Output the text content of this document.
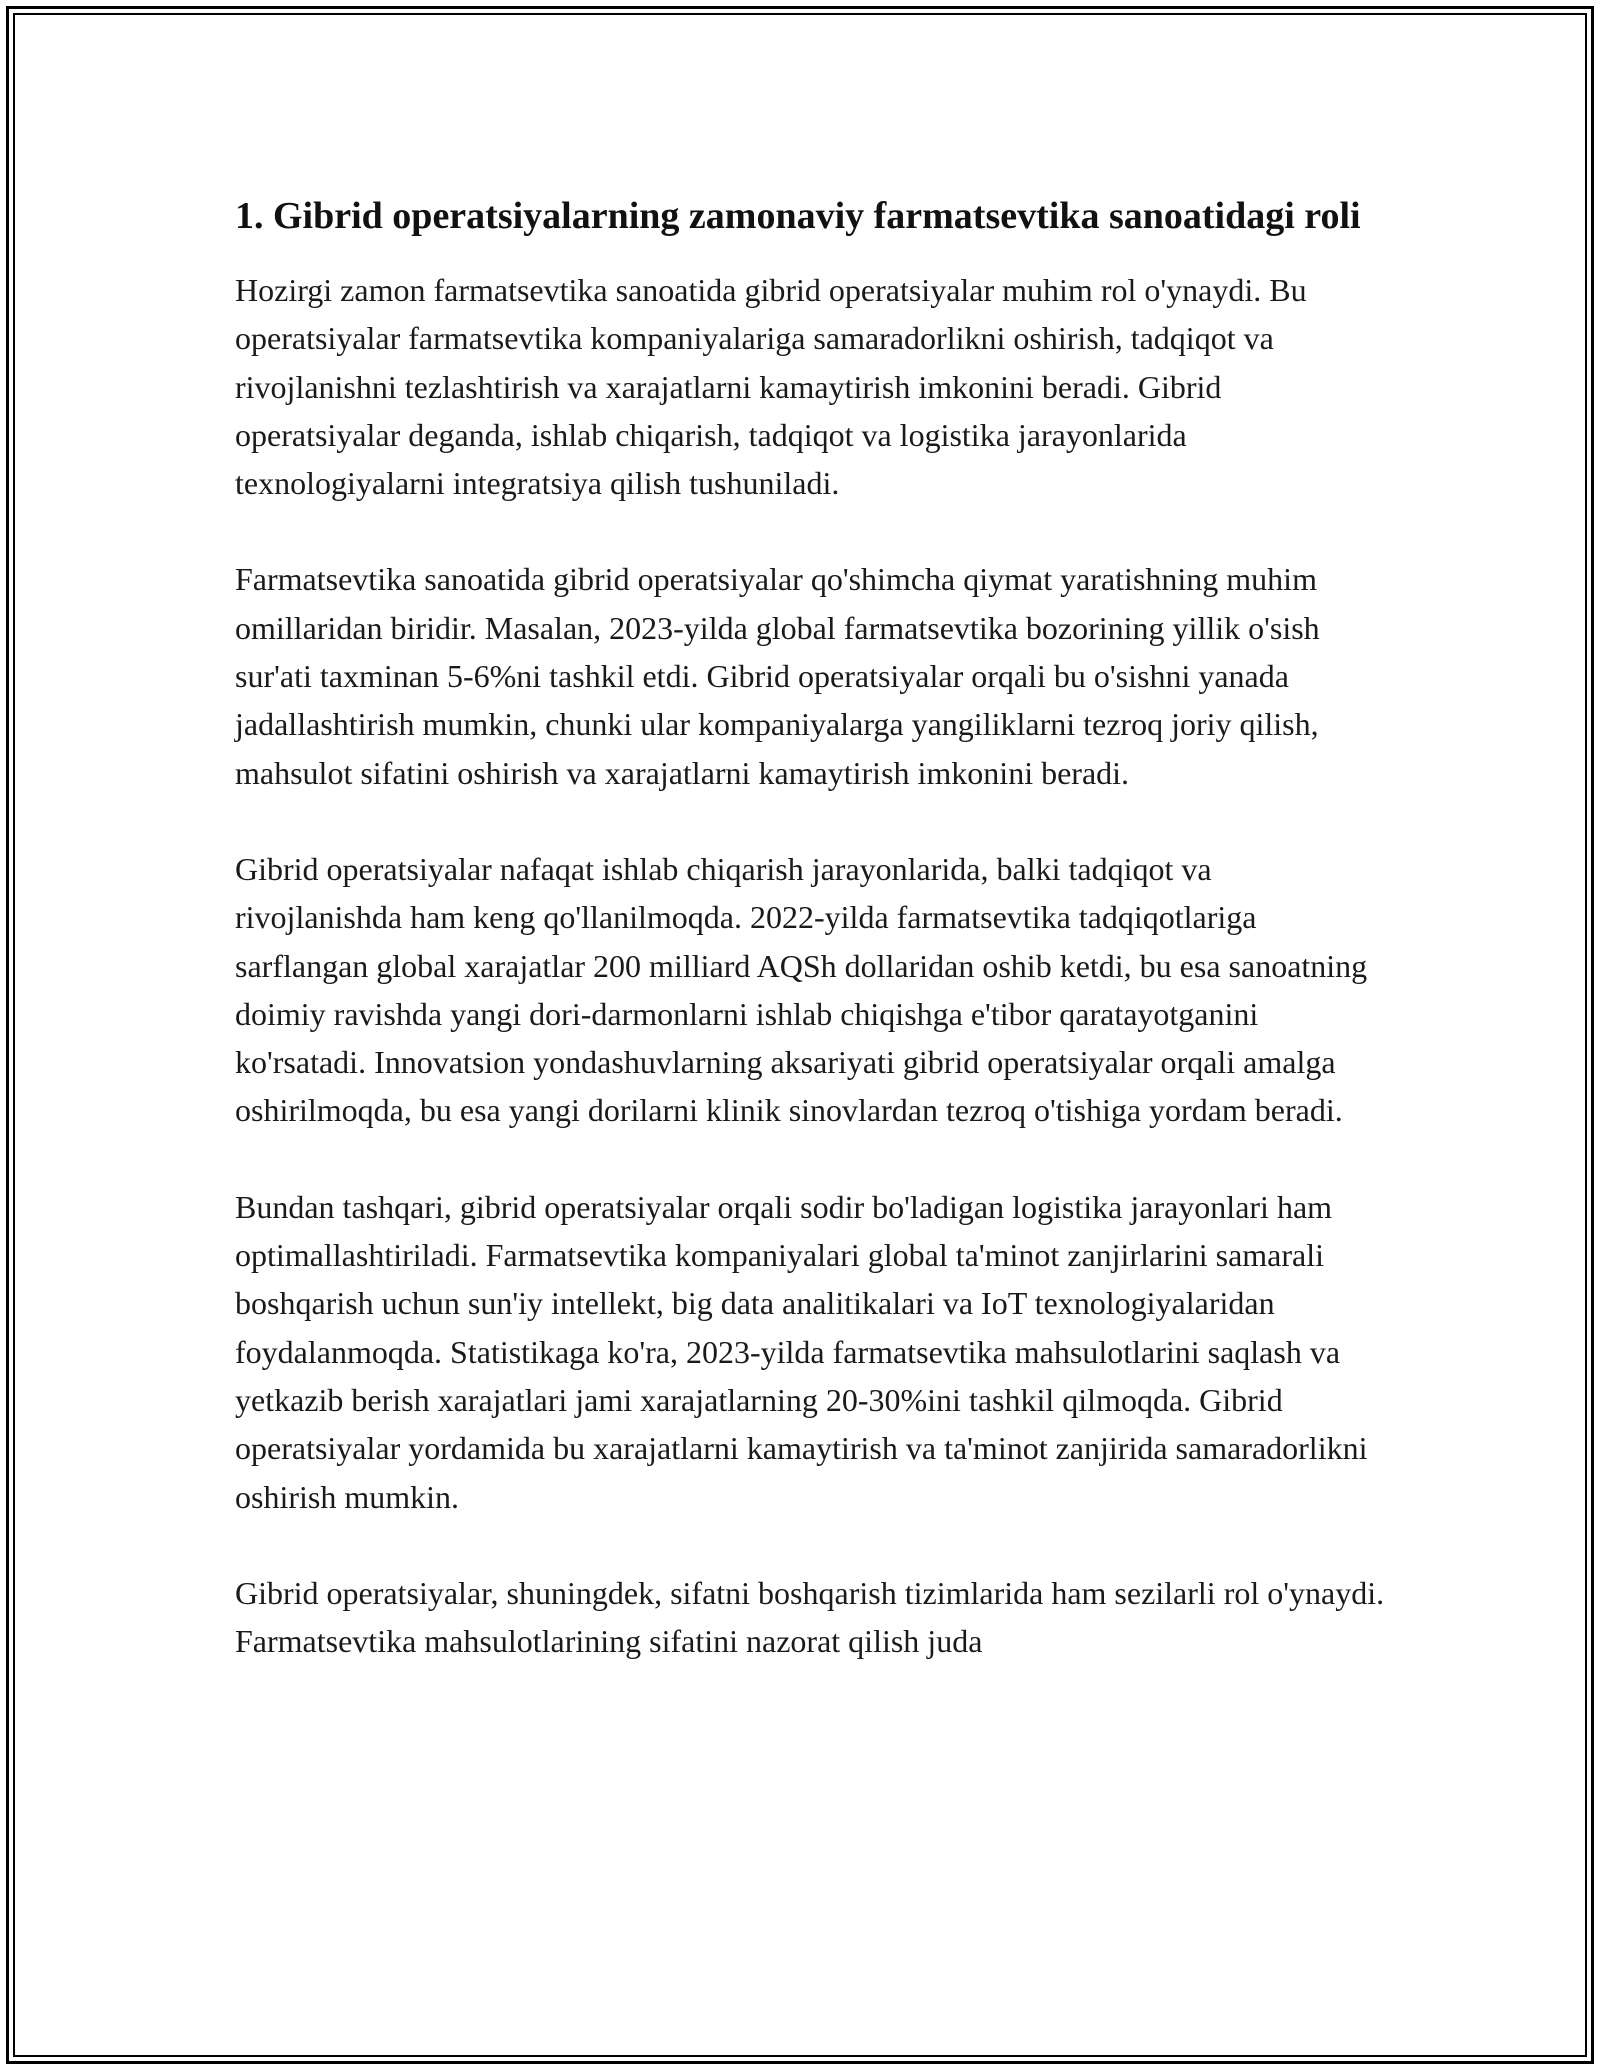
1. Gibrid operatsiyalarning zamonaviy farmatsevtika sanoatidagi roli

Hozirgi zamon farmatsevtika sanoatida gibrid operatsiyalar muhim rol o'ynaydi. Bu operatsiyalar farmatsevtika kompaniyalariga samaradorlikni oshirish, tadqiqot va rivojlanishni tezlashtirish va xarajatlarni kamaytirish imkonini beradi. Gibrid operatsiyalar deganda, ishlab chiqarish, tadqiqot va logistika jarayonlarida texnologiyalarni integratsiya qilish tushuniladi.

Farmatsevtika sanoatida gibrid operatsiyalar qo'shimcha qiymat yaratishning muhim omillaridan biridir. Masalan, 2023-yilda global farmatsevtika bozorining yillik o'sish sur'ati taxminan 5-6%ni tashkil etdi. Gibrid operatsiyalar orqali bu o'sishni yanada jadallashtirish mumkin, chunki ular kompaniyalarga yangiliklarni tezroq joriy qilish, mahsulot sifatini oshirish va xarajatlarni kamaytirish imkonini beradi.

Gibrid operatsiyalar nafaqat ishlab chiqarish jarayonlarida, balki tadqiqot va rivojlanishda ham keng qo'llanilmoqda. 2022-yilda farmatsevtika tadqiqotlariga sarflangan global xarajatlar 200 milliard AQSh dollaridan oshib ketdi, bu esa sanoatning doimiy ravishda yangi dori-darmonlarni ishlab chiqishga e'tibor qaratayotganini ko'rsatadi. Innovatsion yondashuvlarning aksariyati gibrid operatsiyalar orqali amalga oshirilmoqda, bu esa yangi dorilarni klinik sinovlardan tezroq o'tishiga yordam beradi.

Bundan tashqari, gibrid operatsiyalar orqali sodir bo'ladigan logistika jarayonlari ham optimallashtiriladi. Farmatsevtika kompaniyalari global ta'minot zanjirlarini samarali boshqarish uchun sun'iy intellekt, big data analitikalari va IoT texnologiyalaridan foydalanmoqda. Statistikaga ko'ra, 2023-yilda farmatsevtika mahsulotlarini saqlash va yetkazib berish xarajatlari jami xarajatlarning 20-30%ini tashkil qilmoqda. Gibrid operatsiyalar yordamida bu xarajatlarni kamaytirish va ta'minot zanjirida samaradorlikni oshirish mumkin.

Gibrid operatsiyalar, shuningdek, sifatni boshqarish tizimlarida ham sezilarli rol o'ynaydi. Farmatsevtika mahsulotlarining sifatini nazorat qilish juda
